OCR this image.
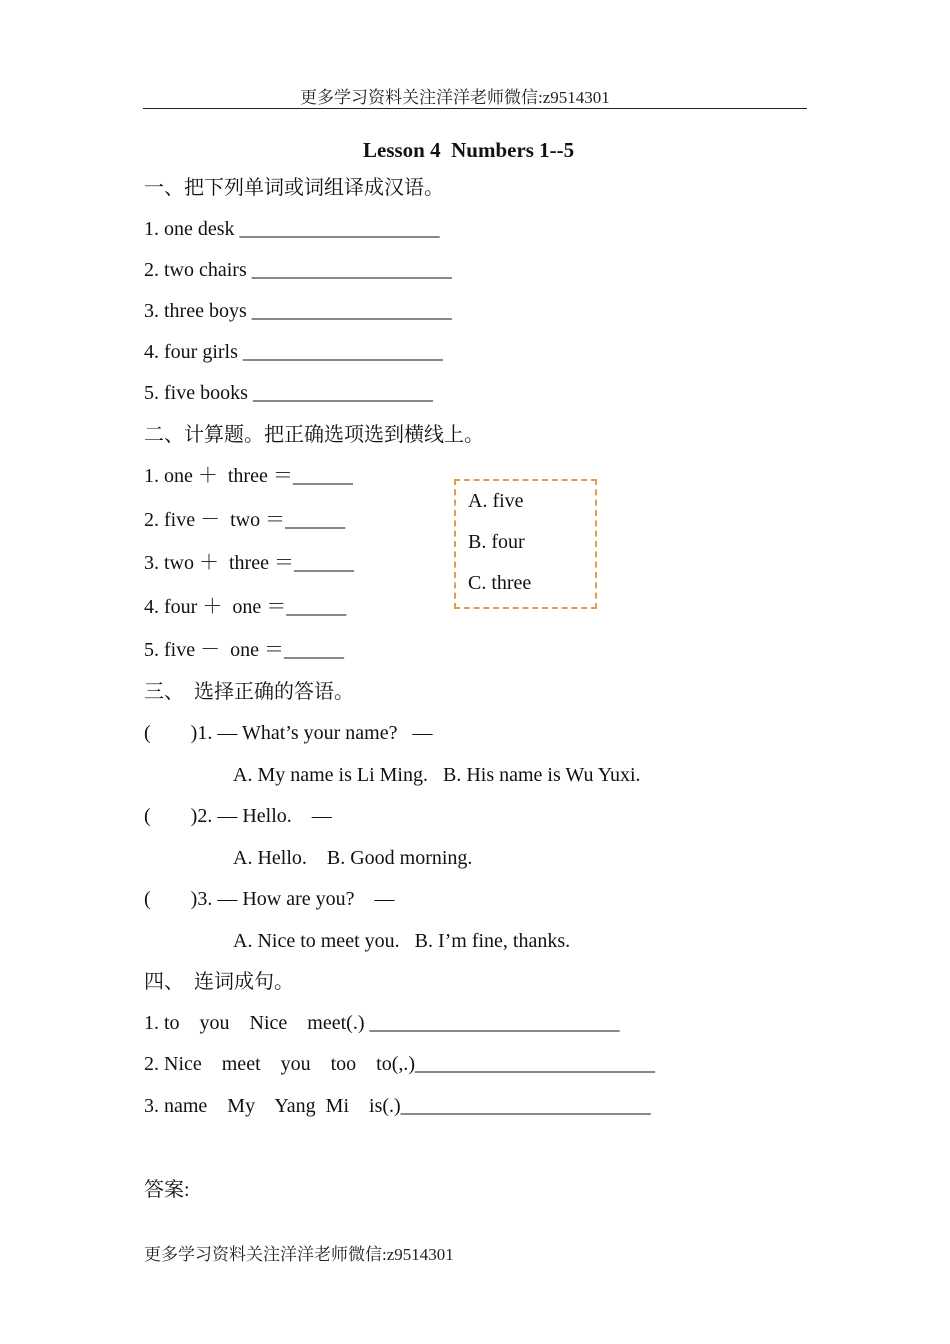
更多学习资料关注洋洋老师微信:z9514301
Lesson 4  Numbers 1--5
一、把下列单词或词组译成汉语。
1. one desk ____________________
2. two chairs ____________________
3. three boys ____________________
4. four girls ____________________
5. five books __________________
二、计算题。把正确选项选到横线上。
1. one ＋  three ＝______
2. five －  two ＝______
3. two ＋  three ＝______
4. four ＋  one ＝______
5. five －  one ＝______
A. five
B. four
C. three
三、  选择正确的答语。
(        )1. — What’s your name?   —
A. My name is Li Ming.   B. His name is Wu Yuxi.
(        )2. — Hello.    —
A. Hello.    B. Good morning.
(        )3. — How are you?    —
A. Nice to meet you.   B. I’m fine, thanks.
四、  连词成句。
1. to    you    Nice    meet(.) _________________________
2. Nice    meet    you    too    to(,.)________________________
3. name    My    Yang  Mi    is(.)_________________________
答案:
更多学习资料关注洋洋老师微信:z9514301
